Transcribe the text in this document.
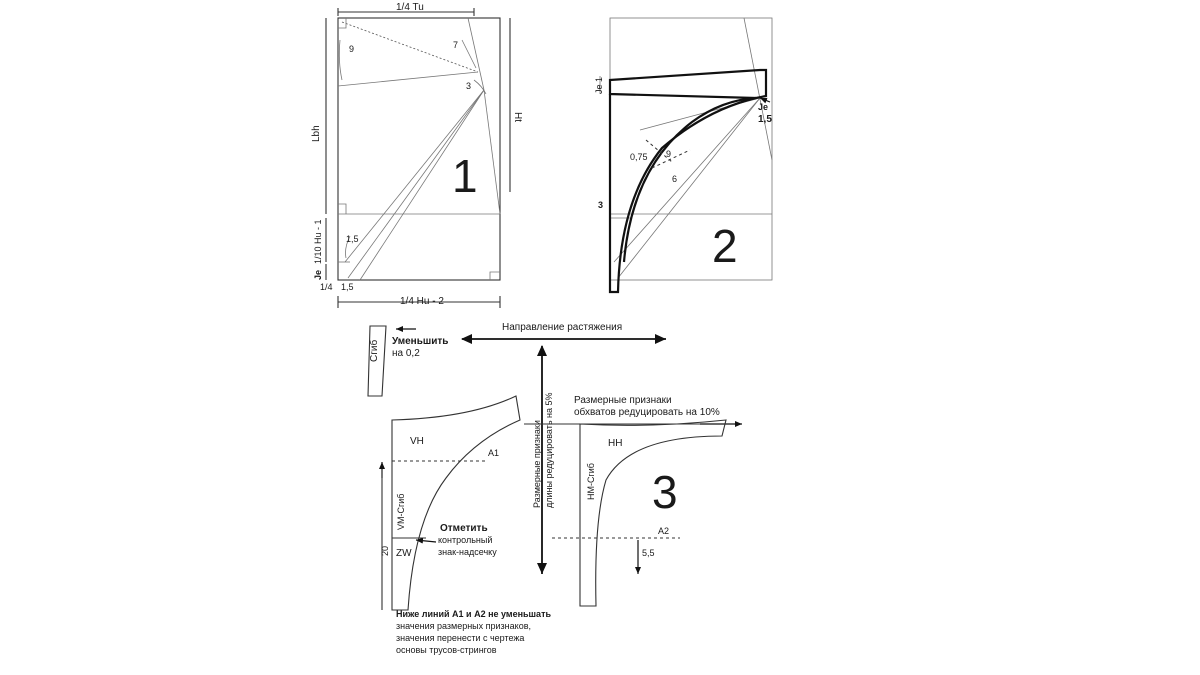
1/4 Tu
1/4 Hu - 2
Lbh
Ht
1/10 Hu - 1
Je
1/4
9	7
3
1,5
1,5
1
Je 1
Je
1,5
0,75 9
6
3
2
Сгиб Уменьшить
на 0,2
Направление растяжения
Размерные признаки длины редуцировать на 5% Размерные признаки
обхватов редуцировать на 10%
VH	HH
A1
A2
VM-Сгиб
HM-Сгиб
ZW
20	5,5
Отметить
контрольный
знак-надсечку
Ниже линий A1 и A2 не уменьшать
значения размерных признаков,
значения перенести с чертежа
основы трусов-стрингов
3
